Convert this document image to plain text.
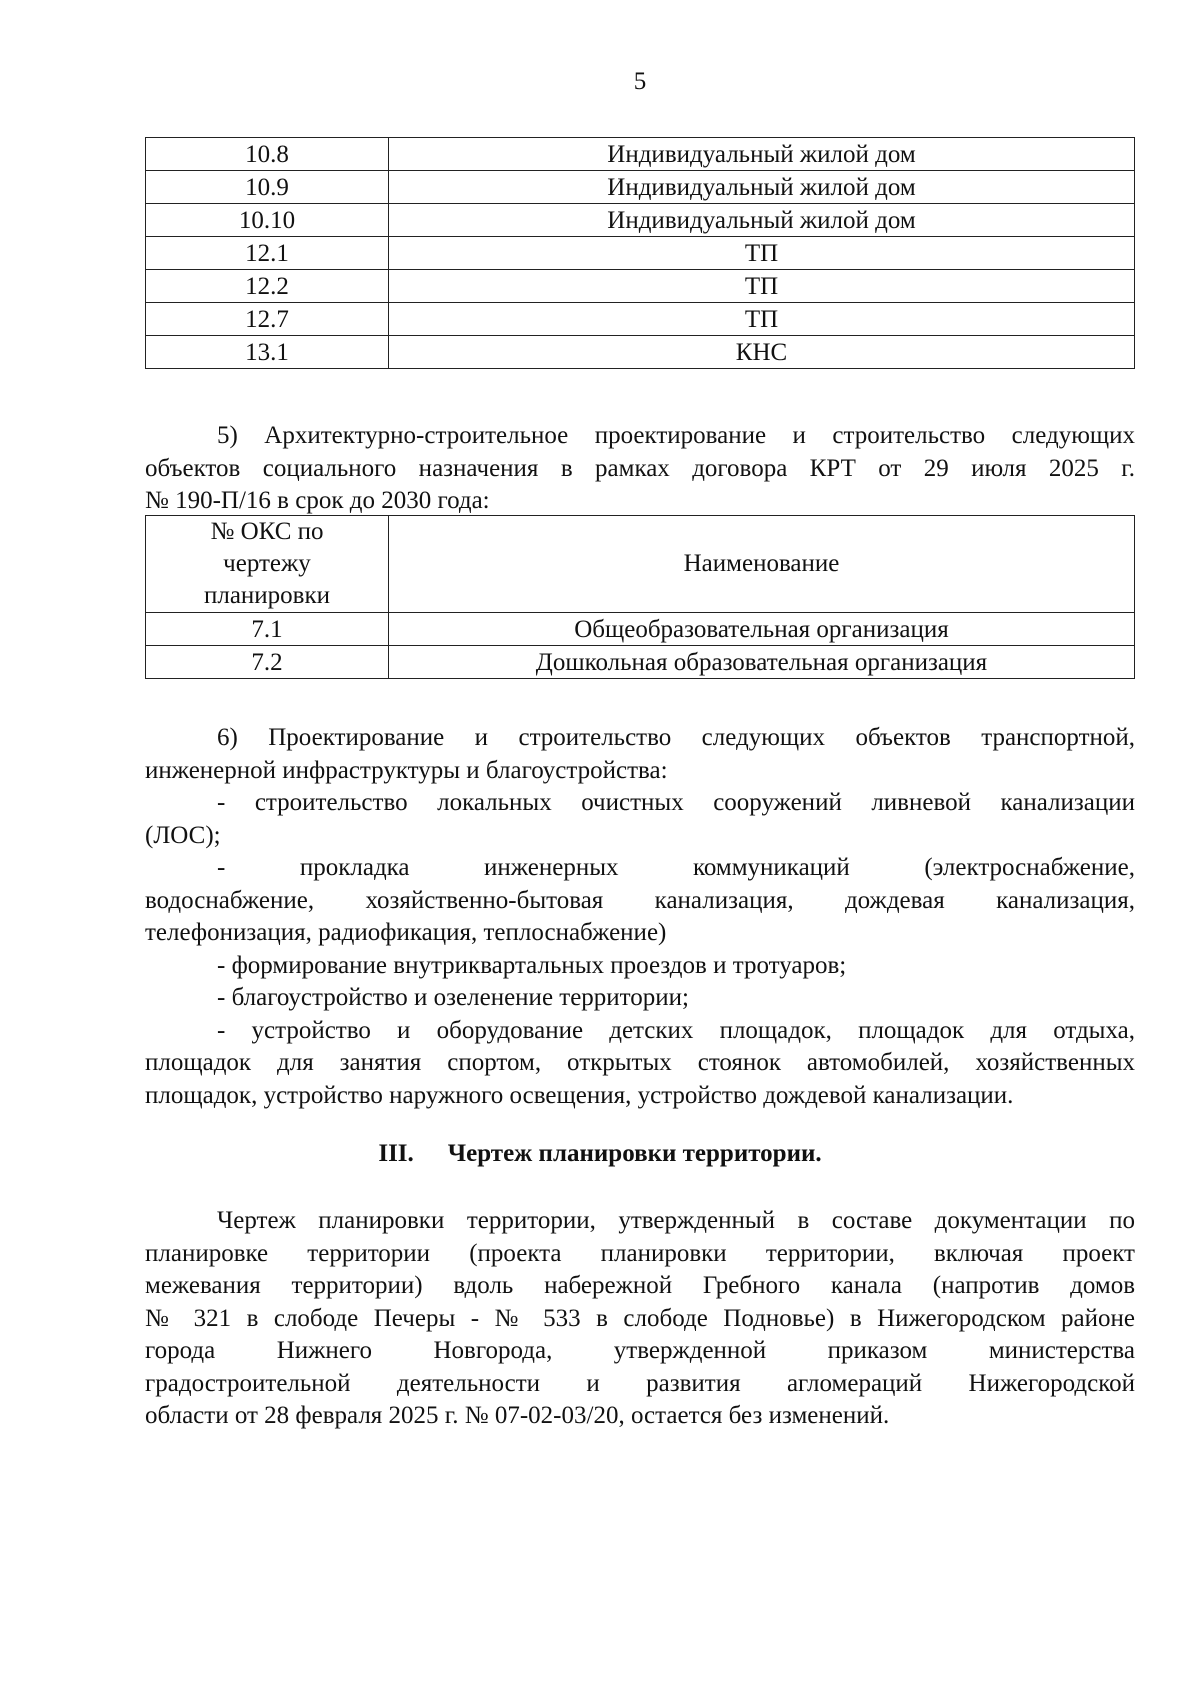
5
10.8	Индивидуальный жилой дом
10.9	Индивидуальный жилой дом
10.10	Индивидуальный жилой дом
12.1	ТП
12.2	ТП
12.7	ТП
13.1	КНС
5) Архитектурно-строительное проектирование и строительство следующих
объектов социального назначения в рамках договора КРТ от 29 июля 2025 г.
№ 190-П/16 в срок до 2030 года:
№ ОКС по
чертежу
планировки	Наименование
7.1	Общеобразовательная организация
7.2	Дошкольная образовательная организация
6) Проектирование и строительство следующих объектов транспортной,
инженерной инфраструктуры и благоустройства:
- строительство локальных очистных сооружений ливневой канализации
(ЛОС);
-      прокладка      инженерных      коммуникаций      (электроснабжение,
водоснабжение, хозяйственно-бытовая канализация, дождевая канализация,
телефонизация, радиофикация, теплоснабжение)
- формирование внутриквартальных проездов и тротуаров;
- благоустройство и озеленение территории;
- устройство и оборудование детских площадок, площадок для отдыха,
площадок для занятия спортом, открытых стоянок автомобилей, хозяйственных
площадок, устройство наружного освещения, устройство дождевой канализации.
III. Чертеж планировки территории.
Чертеж планировки территории, утвержденный в составе документации по
планировке территории (проекта планировки территории, включая проект
межевания территории) вдоль набережной Гребного канала (напротив домов
№ 321 в слободе Печеры - № 533 в слободе Подновье) в Нижегородском районе
города Нижнего Новгорода, утвержденной приказом министерства
градостроительной деятельности и развития агломераций Нижегородской
области от 28 февраля 2025 г. № 07-02-03/20, остается без изменений.
